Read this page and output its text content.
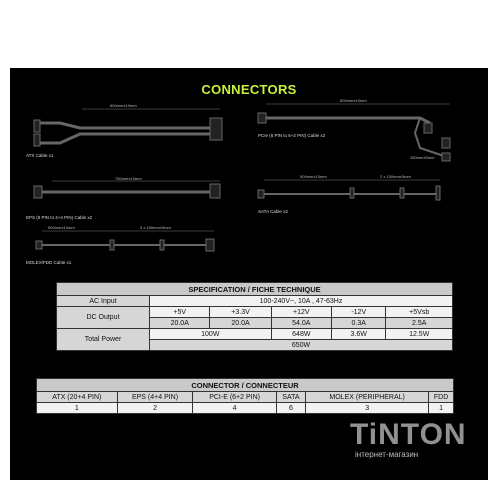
CONNECTORS
600mm±10mm
ATX Cable x1
600mm±10mm
150mm±5mm
PCIe (6 PIN to 6+2 PIN) Cable x2
750mm±10mm
EPS (8 PIN to 4+4 PIN) Cable x2
500mm±10mm	2 x 150mm±5mm
SATA Cable x2
500mm±10mm	3 x 150mm±5mm
MOLEX/FDD Cable x1
SPECIFICATION / FICHE TECHNIQUE					
AC Input	100-240V~, 10A , 47-63Hz				
DC Output	+5V	+3.3V	+12V	-12V	+5Vsb
	20.0A	20.0A	54.0A	0.3A	2.5A
Total Power	100W		648W	3.6W	12.5W
	650W				
CONNECTOR / CONNECTEUR					
ATX (20+4 PIN)	EPS (4+4 PIN)	PCI-E (6+2 PIN)	SATA	MOLEX (PERIPHERAL)	FDD
1	2	4	6	3	1
TiNTON
інтернет-магазин
